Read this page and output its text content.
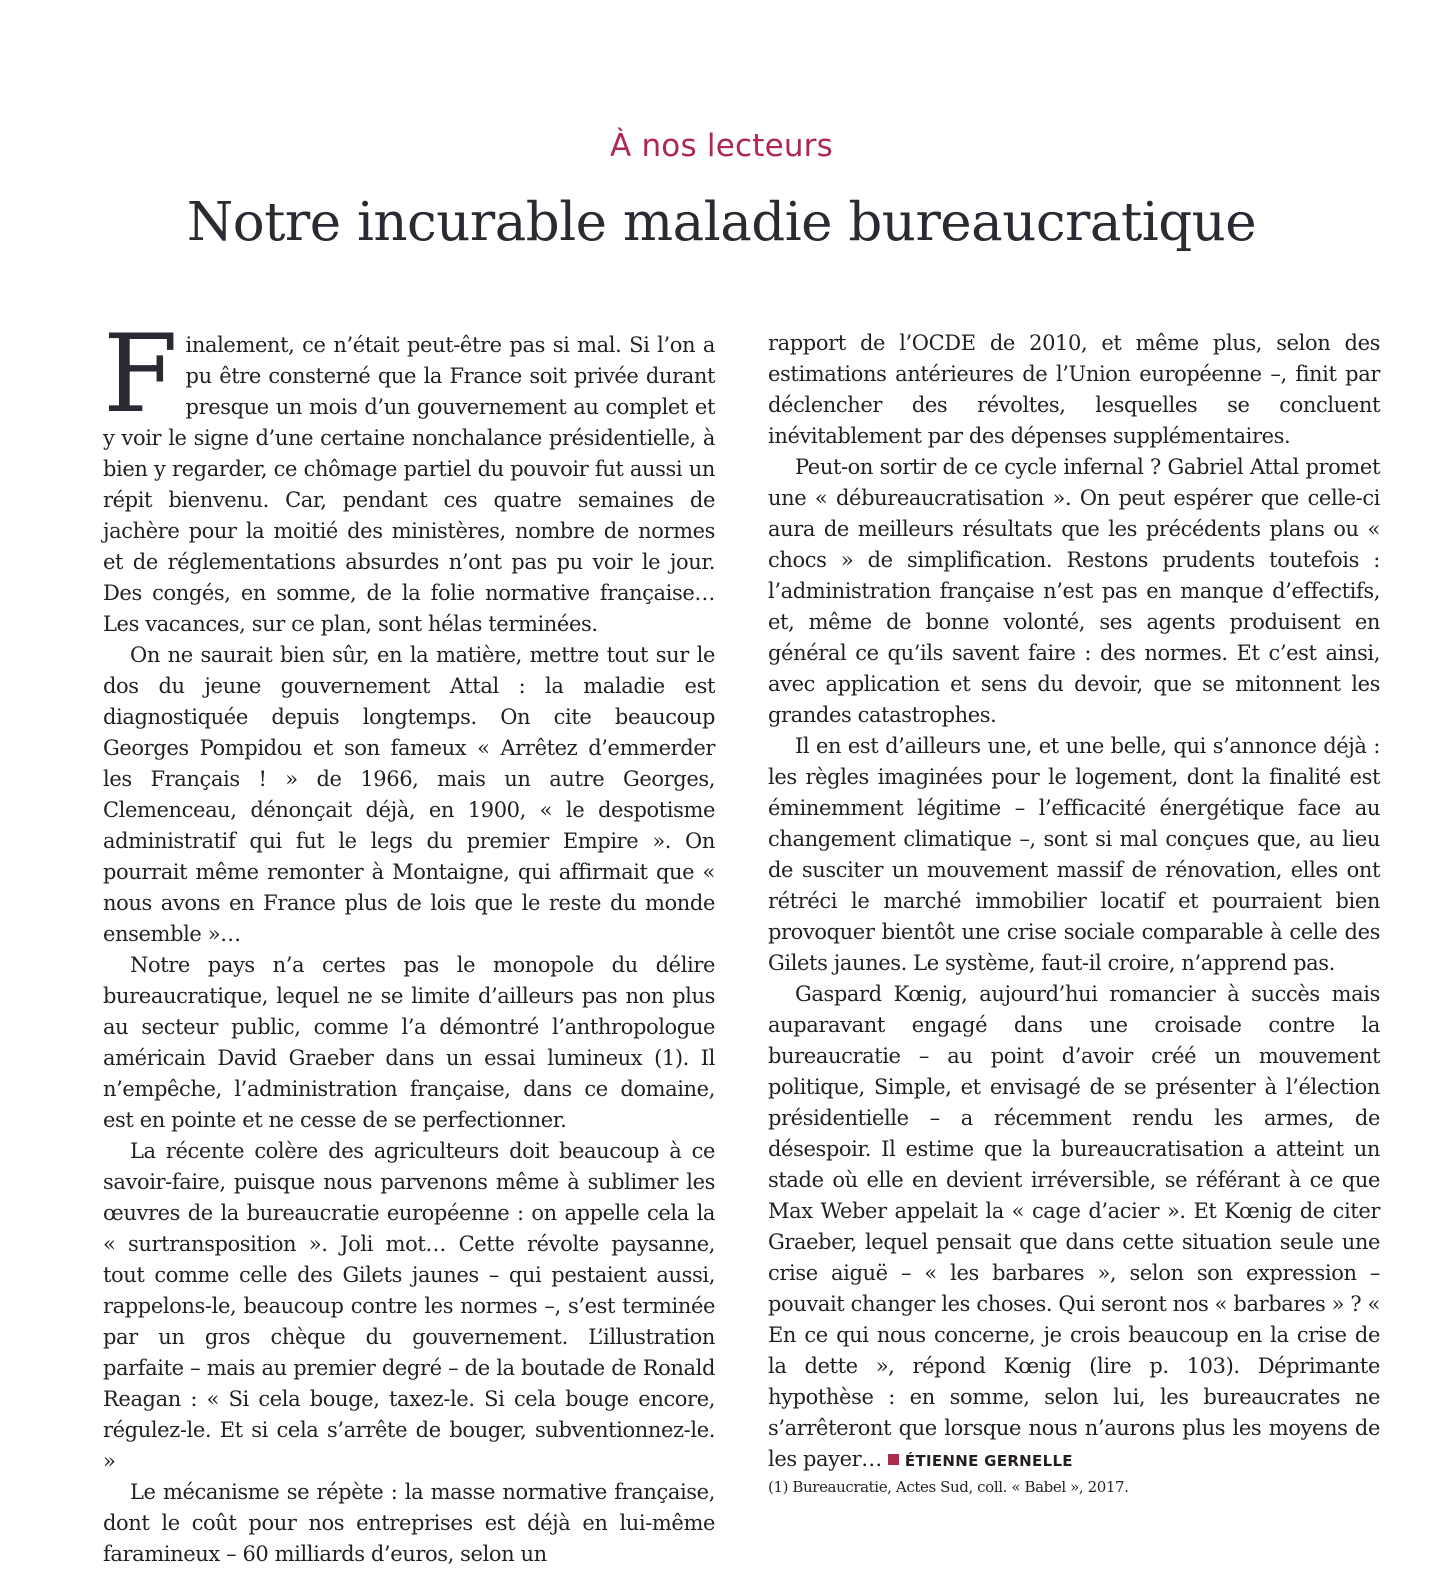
À nos lecteurs
Notre incurable maladie bureaucratique

Finalement, ce n’était peut-être pas si mal. Si l’on a pu être consterné que la France soit privée durant presque un mois d’un gouvernement au complet et y voir le signe d’une certaine nonchalance présidentielle, à bien y regarder, ce chômage partiel du pouvoir fut aussi un répit bienvenu. Car, pendant ces quatre semaines de jachère pour la moitié des ministères, nombre de normes et de réglementations absurdes n’ont pas pu voir le jour. Des congés, en somme, de la folie normative française… Les vacances, sur ce plan, sont hélas terminées.

On ne saurait bien sûr, en la matière, mettre tout sur le dos du jeune gouvernement Attal : la maladie est diagnostiquée depuis longtemps. On cite beaucoup Georges Pompidou et son fameux « Arrêtez d’emmerder les Français ! » de 1966, mais un autre Georges, Clemenceau, dénonçait déjà, en 1900, « le despotisme administratif qui fut le legs du premier Empire ». On pourrait même remonter à Montaigne, qui affirmait que « nous avons en France plus de lois que le reste du monde ensemble »…

Notre pays n’a certes pas le monopole du délire bureaucratique, lequel ne se limite d’ailleurs pas non plus au secteur public, comme l’a démontré l’anthropologue américain David Graeber dans un essai lumineux (1). Il n’empêche, l’administration française, dans ce domaine, est en pointe et ne cesse de se perfectionner.

La récente colère des agriculteurs doit beaucoup à ce savoir-faire, puisque nous parvenons même à sublimer les œuvres de la bureaucratie européenne : on appelle cela la « surtransposition ». Joli mot… Cette révolte paysanne, tout comme celle des Gilets jaunes – qui pestaient aussi, rappelons-le, beaucoup contre les normes –, s’est terminée par un gros chèque du gouvernement. L’illustration parfaite – mais au premier degré – de la boutade de Ronald Reagan : « Si cela bouge, taxez-le. Si cela bouge encore, régulez-le. Et si cela s’arrête de bouger, subventionnez-le. »

Le mécanisme se répète : la masse normative française, dont le coût pour nos entreprises est déjà en lui-même faramineux – 60 milliards d’euros, selon un

rapport de l’OCDE de 2010, et même plus, selon des estimations antérieures de l’Union européenne –, finit par déclencher des révoltes, lesquelles se concluent inévitablement par des dépenses supplémentaires.

Peut-on sortir de ce cycle infernal ? Gabriel Attal promet une « débureaucratisation ». On peut espérer que celle-ci aura de meilleurs résultats que les précédents plans ou « chocs » de simplification. Restons prudents toutefois : l’administration française n’est pas en manque d’effectifs, et, même de bonne volonté, ses agents produisent en général ce qu’ils savent faire : des normes. Et c’est ainsi, avec application et sens du devoir, que se mitonnent les grandes catastrophes.

Il en est d’ailleurs une, et une belle, qui s’annonce déjà : les règles imaginées pour le logement, dont la finalité est éminemment légitime – l’efficacité énergétique face au changement climatique –, sont si mal conçues que, au lieu de susciter un mouvement massif de rénovation, elles ont rétréci le marché immobilier locatif et pourraient bien provoquer bientôt une crise sociale comparable à celle des Gilets jaunes. Le système, faut-il croire, n’apprend pas.

Gaspard Kœnig, aujourd’hui romancier à succès mais auparavant engagé dans une croisade contre la bureaucratie – au point d’avoir créé un mouvement politique, Simple, et envisagé de se présenter à l’élection présidentielle – a récemment rendu les armes, de désespoir. Il estime que la bureaucratisation a atteint un stade où elle en devient irréversible, se référant à ce que Max Weber appelait la « cage d’acier ». Et Kœnig de citer Graeber, lequel pensait que dans cette situation seule une crise aiguë – « les barbares », selon son expression – pouvait changer les choses. Qui seront nos « barbares » ? « En ce qui nous concerne, je crois beaucoup en la crise de la dette », répond Kœnig (lire p. 103). Déprimante hypothèse : en somme, selon lui, les bureaucrates ne s’arrêteront que lorsque nous n’aurons plus les moyens de les payer… ÉTIENNE GERNELLE

(1) Bureaucratie, Actes Sud, coll. « Babel », 2017.
